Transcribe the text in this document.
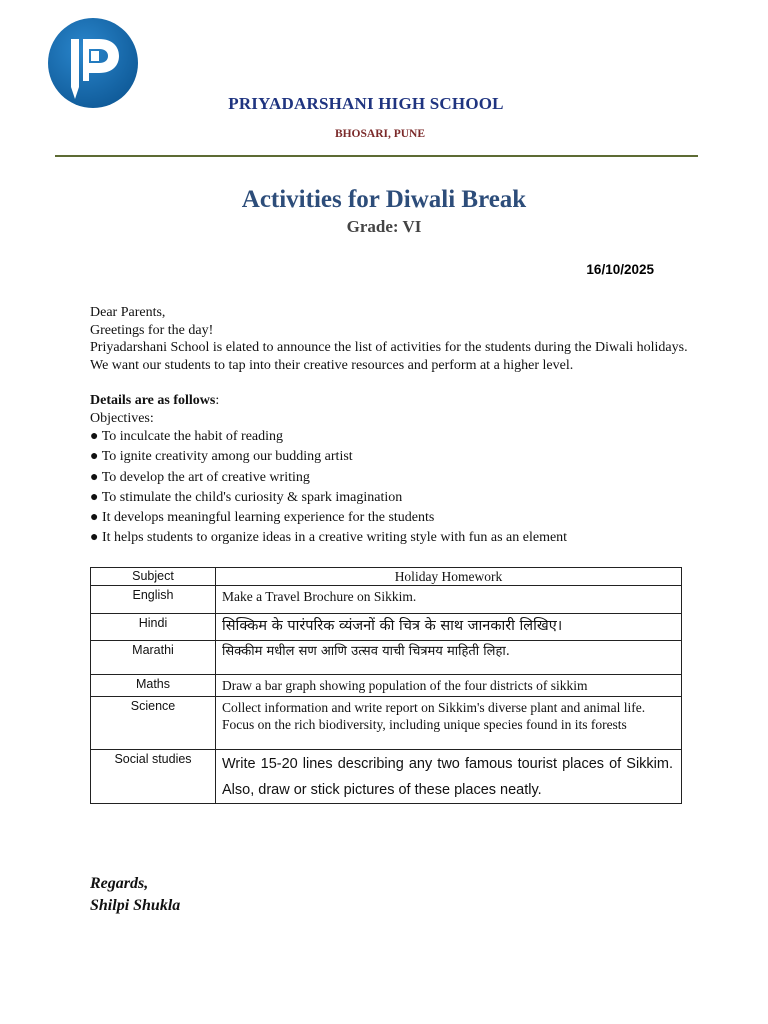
PRIYADARSHANI HIGH SCHOOL
BHOSARI, PUNE
Activities for Diwali Break
Grade: VI
16/10/2025

Dear Parents,

Greetings for the day!

Priyadarshani School is elated to announce the list of activities for the students during the Diwali holidays. We want our students to tap into their creative resources and perform at a higher level.

Details are as follows:

Objectives:

● To inculcate the habit of reading
● To ignite creativity among our budding artist
● To develop the art of creative writing
● To stimulate the child's curiosity & spark imagination
● It develops meaningful learning experience for the students
● It helps students to organize ideas in a creative writing style with fun as an element
Subject	Holiday Homework
English	Make a Travel Brochure on Sikkim.
Hindi	सिक्किम के पारंपरिक व्यंजनों की चित्र के साथ जानकारी लिखिए।
Marathi	सिक्कीम मधील सण आणि उत्सव याची चित्रमय माहिती लिहा.
Maths	Draw a bar graph showing population of the four districts of sikkim
Science	Collect information and write report on Sikkim's diverse plant and animal life. Focus on the rich biodiversity, including unique species found in its forests
Social studies	Write 15-20 lines describing any two famous tourist places of Sikkim. Also, draw or stick pictures of these places neatly.
Regards,
Shilpi Shukla
